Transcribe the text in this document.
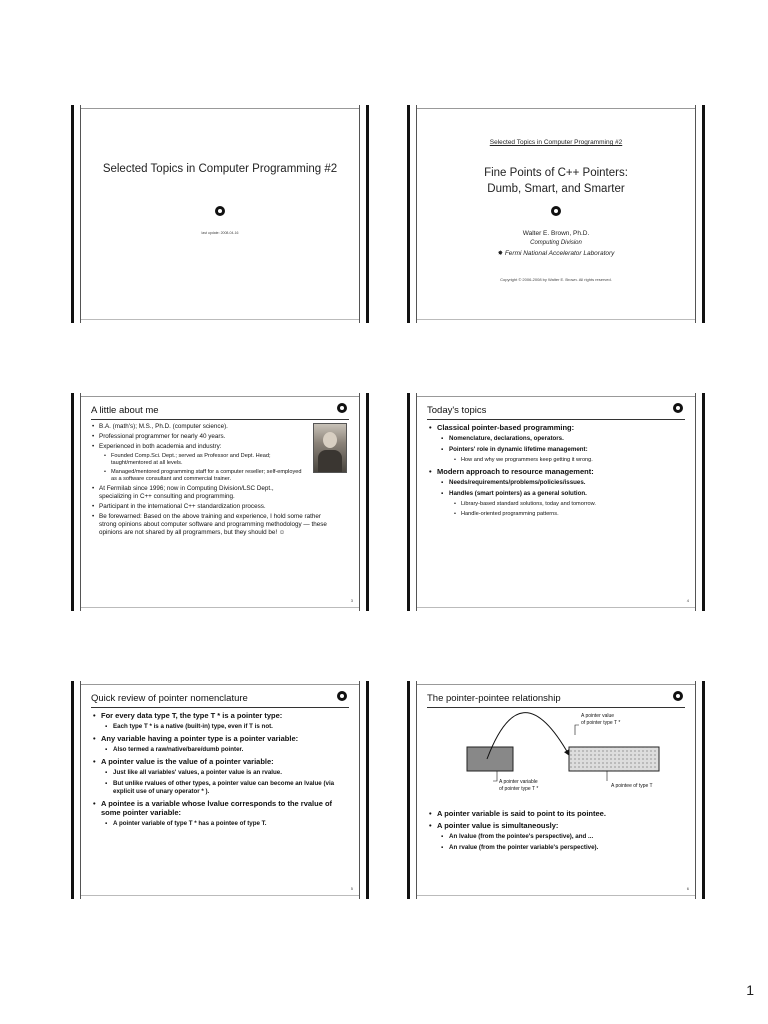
Selected Topics in Computer Programming #2
last update: 2008-04-16
Selected Topics in Computer Programming #2
Fine Points of C++ Pointers:
Dumb, Smart, and Smarter
Walter E. Brown, Ph.D.
Computing Division
✸ Fermi National Accelerator Laboratory
Copyright © 2006-2008 by Walter E. Brown. All rights reserved.
A little about me
• B.A. (math's); M.S., Ph.D. (computer science).
• Professional programmer for nearly 40 years.
• Experienced in both academia and industry:
• Founded Comp.Sci. Dept.; served as Professor and Dept. Head; taught/mentored at all levels.
• Managed/mentored programming staff for a computer reseller; self-employed as a software consultant and commercial trainer.
• At Fermilab since 1996; now in Computing Division/LSC Dept., specializing in C++ consulting and programming.
• Participant in the international C++ standardization process.
• Be forewarned: Based on the above training and experience, I hold some rather strong opinions about computer software and programming methodology — these opinions are not shared by all programmers, but they should be! ☺
3
Today's topics
• Classical pointer-based programming:
▪ Nomenclature, declarations, operators.
▪ Pointers' role in dynamic lifetime management:
• How and why we programmers keep getting it wrong.
• Modern approach to resource management:
▪ Needs/requirements/problems/policies/issues.
▪ Handles (smart pointers) as a general solution.
• Library-based standard solutions, today and tomorrow.
• Handle-oriented programming patterns.
4
Quick review of pointer nomenclature
• For every data type T, the type T * is a pointer type:
▪ Each type T * is a native (built-in) type, even if T is not.
• Any variable having a pointer type is a pointer variable:
▪ Also termed a raw/native/bare/dumb pointer.
• A pointer value is the value of a pointer variable:
▪ Just like all variables' values, a pointer value is an rvalue.
▪ But unlike rvalues of other types, a pointer value can become an lvalue (via explicit use of unary operator * ).
• A pointee is a variable whose lvalue corresponds to the rvalue of some pointer variable:
▪ A pointer variable of type T * has a pointee of type T.
5
The pointer-pointee relationship
A pointer value
of pointer type T *
A pointer variable
of pointer type T *	A pointee of type T
• A pointer variable is said to point to its pointee.
• A pointer value is simultaneously:
▪ An lvalue (from the pointee's perspective), and ...
▪ An rvalue (from the pointer variable's perspective).
6
1
